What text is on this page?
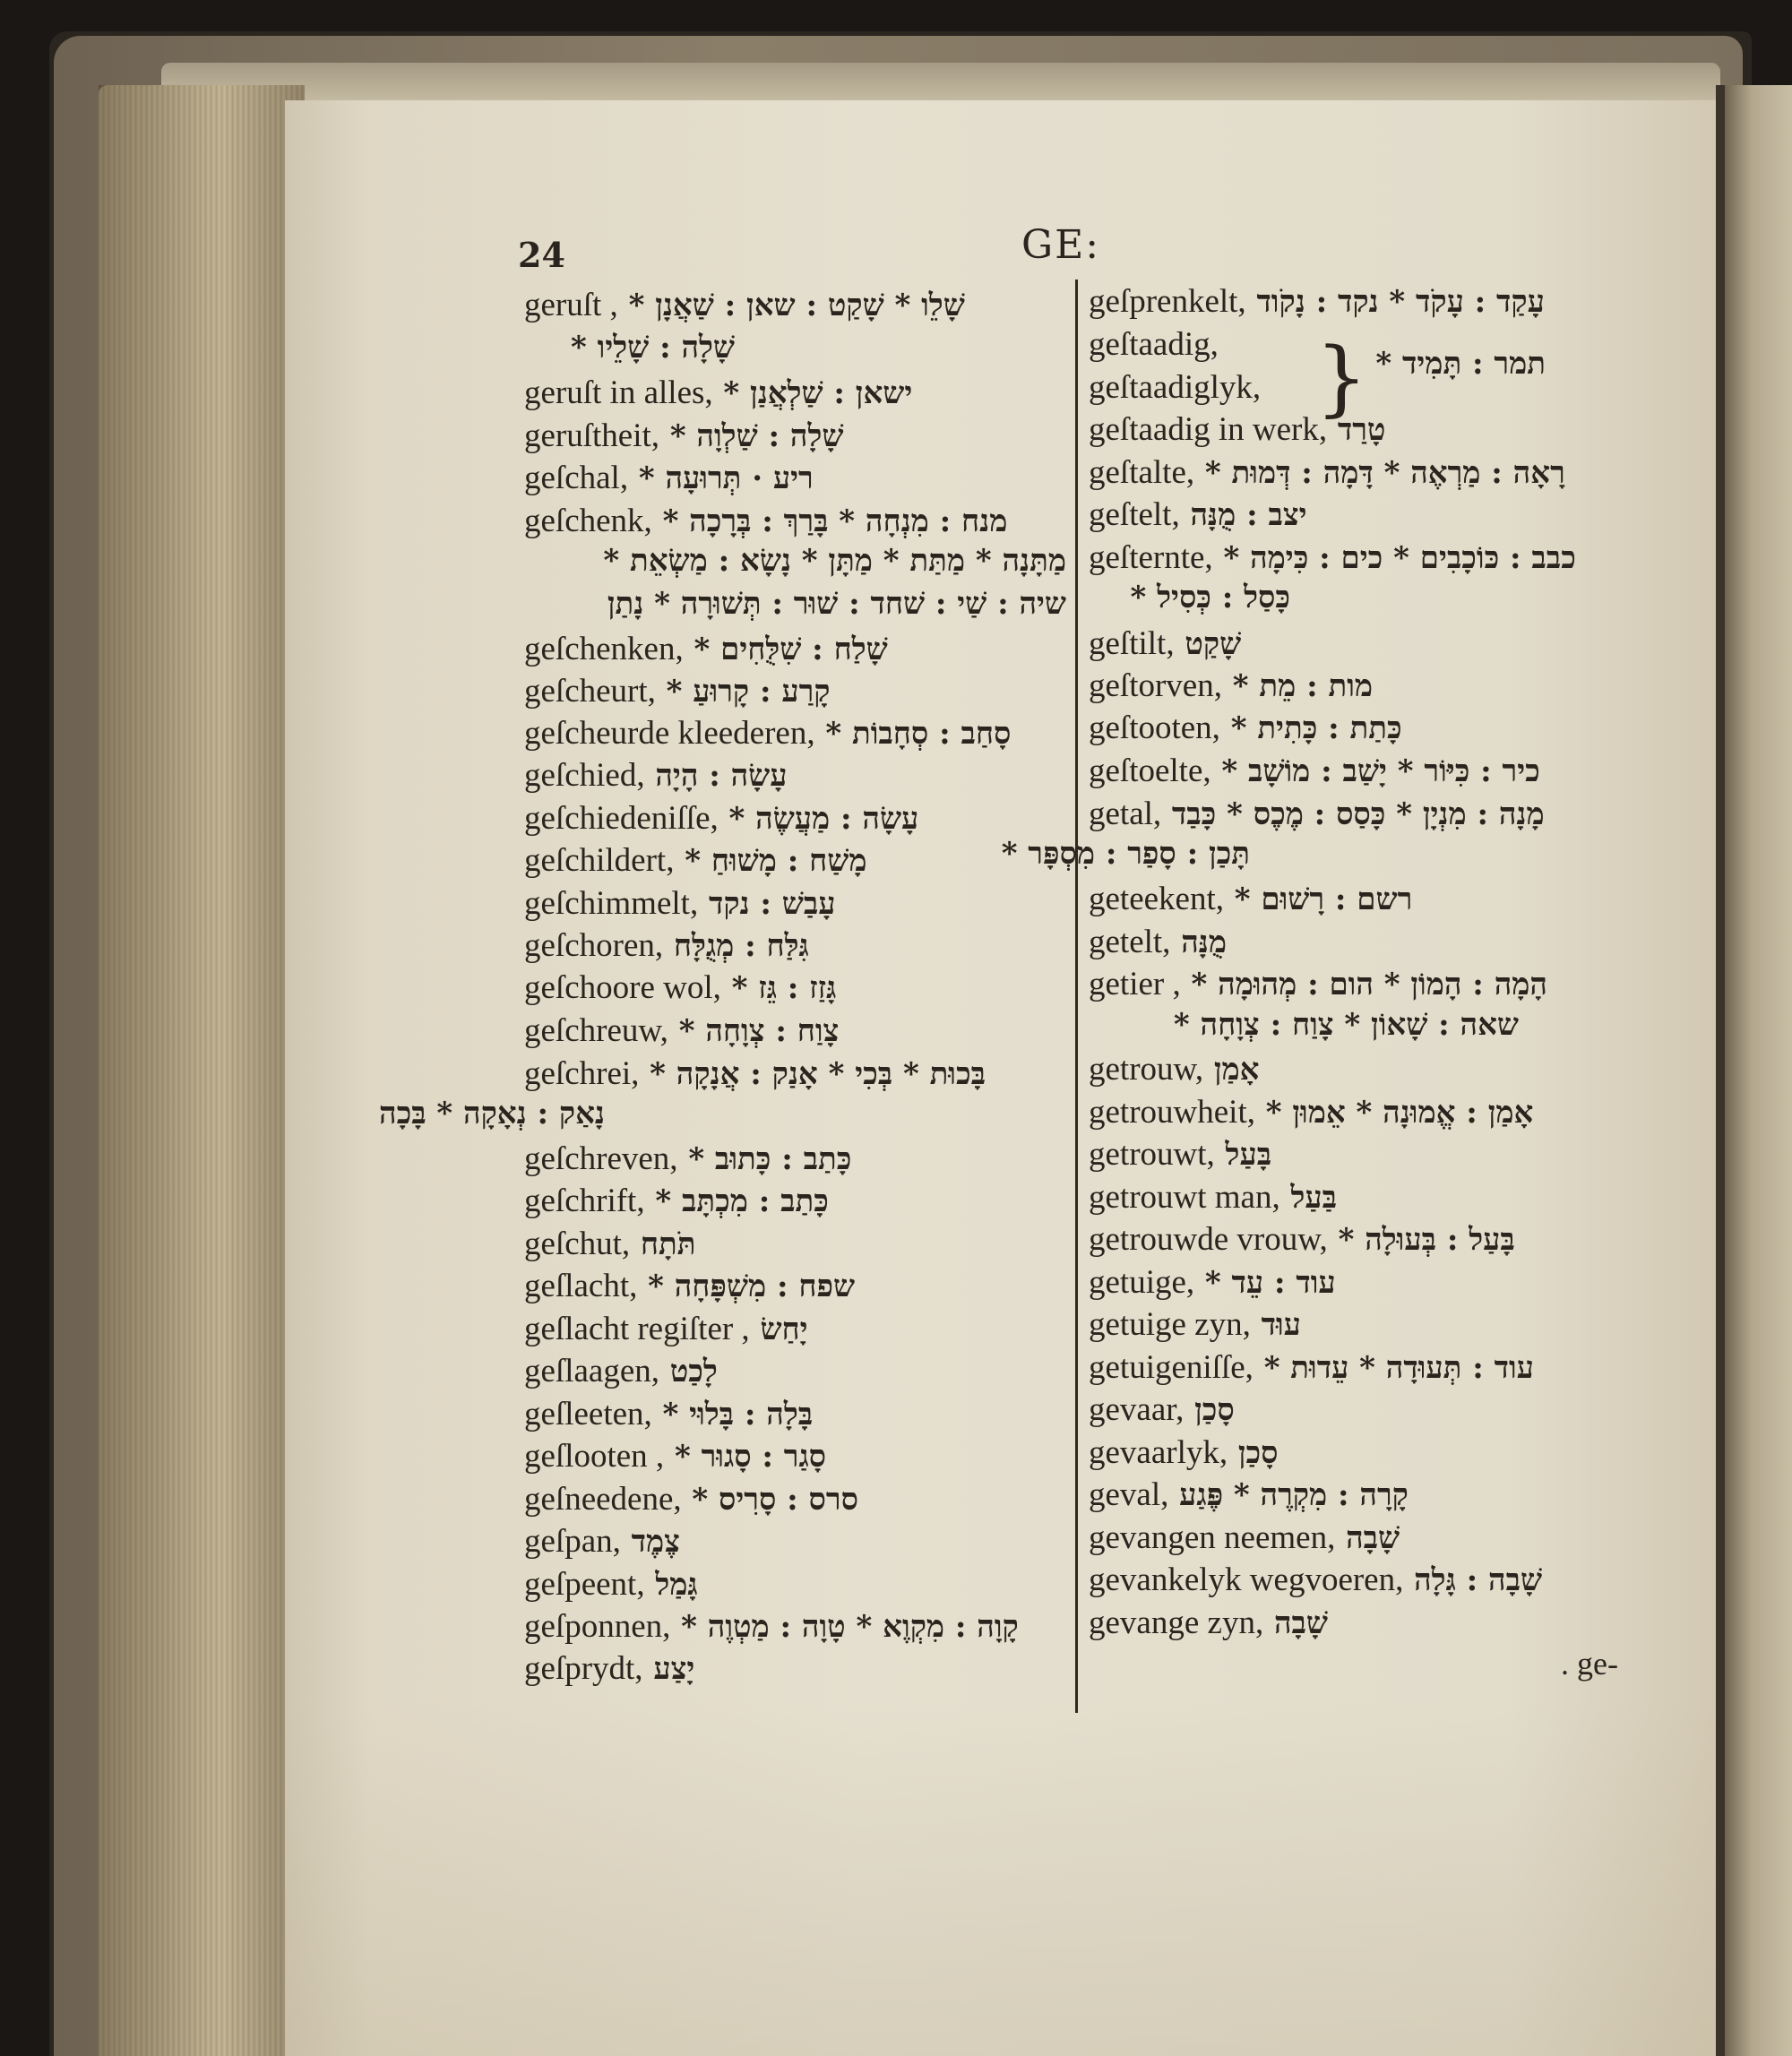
24	GE:
geruſt , שָׁלֵו * שָׁקַט : שאן : שַׁאֲנָן *
שָׁלָה : שָׁלֵיו *
geruſt in alles, ישאן : שַׁלְאֲנַן *
geruſtheit, שָׁלָה : שַׁלְוָה *
geſchal, ריע · תְּרוּעָה *
geſchenk, מנח : מִנְחָה * בָּרַךְ : בְּרָכָה *
מַתָּנָה * מַתַּת * מַתָּן * נָשָׂא : מַשְׂאֵת *
שיה : שַׁי : שׁחד : שׁוּר : תְּשׁוּרָה * נָתַן
geſchenken, שָׁלַח : שִׁלֻּחִים *
geſcheurt, קָרַע : קָרוּעַ *
geſcheurde kleederen, סָחַב : סְחָבוֹת *
geſchied, עָשָׂה : הָיָה
geſchiedeniſſe, עָשָׂה : מַעֲשֶׂה *
geſchildert, מָשַׁח : מָשׁוּחַ *
geſchimmelt, עָבַשׁ : נקד
geſchoren, גִּלַּח : מְגֻלָּח
geſchoore wol, גָּזַז : גֵּז *
geſchreuw, צָוַח : צְוָחָה *
geſchrei, בָּכוּת * בְּכִי * אָנַק : אֲנָקָה *
נָאַק : נְאָקָה * בָּכָה
geſchreven, כָּתַב : כָּתוּב *
geſchrift, כָּתַב : מִכְתָּב *
geſchut, תֹּתָח
geſlacht, שפח : מִשְׁפָּחָה *
geſlacht regiſter , יָחַשׂ
geſlaagen, לָכַט
geſleeten, בָּלָה : בָּלוּי *
geſlooten , סָגַר : סָגוּר *
geſneedene, סרס : סָרִיס *
geſpan, צֶמֶד
geſpeent, גָּמַל
geſponnen, קָוָה : מִקְוֶא * טָוָה : מַטְוֶה *
geſprydt, יָצַע
geſprenkelt, עָקַד : עָקֹד * נקד : נָקֹוד
geſtaadig,
geſtaadiglyk, } תמר : תָּמִיד *
geſtaadig in werk, טָרַד
geſtalte, רָאָה : מַרְאֶה * דָּמָה : דְּמוּת *
geſtelt, יצב : מֻנָּה
geſternte, כבב : כּוֹכָבִים * כים : כִּימָה *
כָּסַל : כְּסִיל *
geſtilt, שָׁקַט
geſtorven, מות : מֵת *
geſtooten, כָּתַת : כָּתִית *
geſtoelte, כיר : כִּיּוֹר * יָשַׁב : מוֹשָׁב *
getal, מָנָה : מִנְיָן * כָּסַס : מֶכֶס * כָּבַד
תָּכַן : סָפַר : מִסְפָּר *
geteekent, רשם : רָשׁוּם *
getelt, מֻנָּה
getier , הָמָה : הָמוֹן * הום : מְהוּמָה *
שאה : שָׁאוֹן * צָוַח : צְוָחָה *
getrouw, אָמַן
getrouwheit, אָמַן : אֱמוּנָה * אֵמוּן *
getrouwt, בָּעַל
getrouwt man, בַּעַל
getrouwde vrouw, בָּעַל : בְּעוּלָה *
getuige, עוד : עֵד *
getuige zyn, עוּד
getuigeniſſe, עוד : תְּעוּדָה * עֵדוּת *
gevaar, סָכַן
gevaarlyk, סָכַן
geval, קָרָה : מִקְרֶה * פֶּגַע
gevangen neemen, שָׁבָה
gevankelyk wegvoeren, שָׁבָה : גָּלָה
gevange zyn, שָׁבָה
. ge-
